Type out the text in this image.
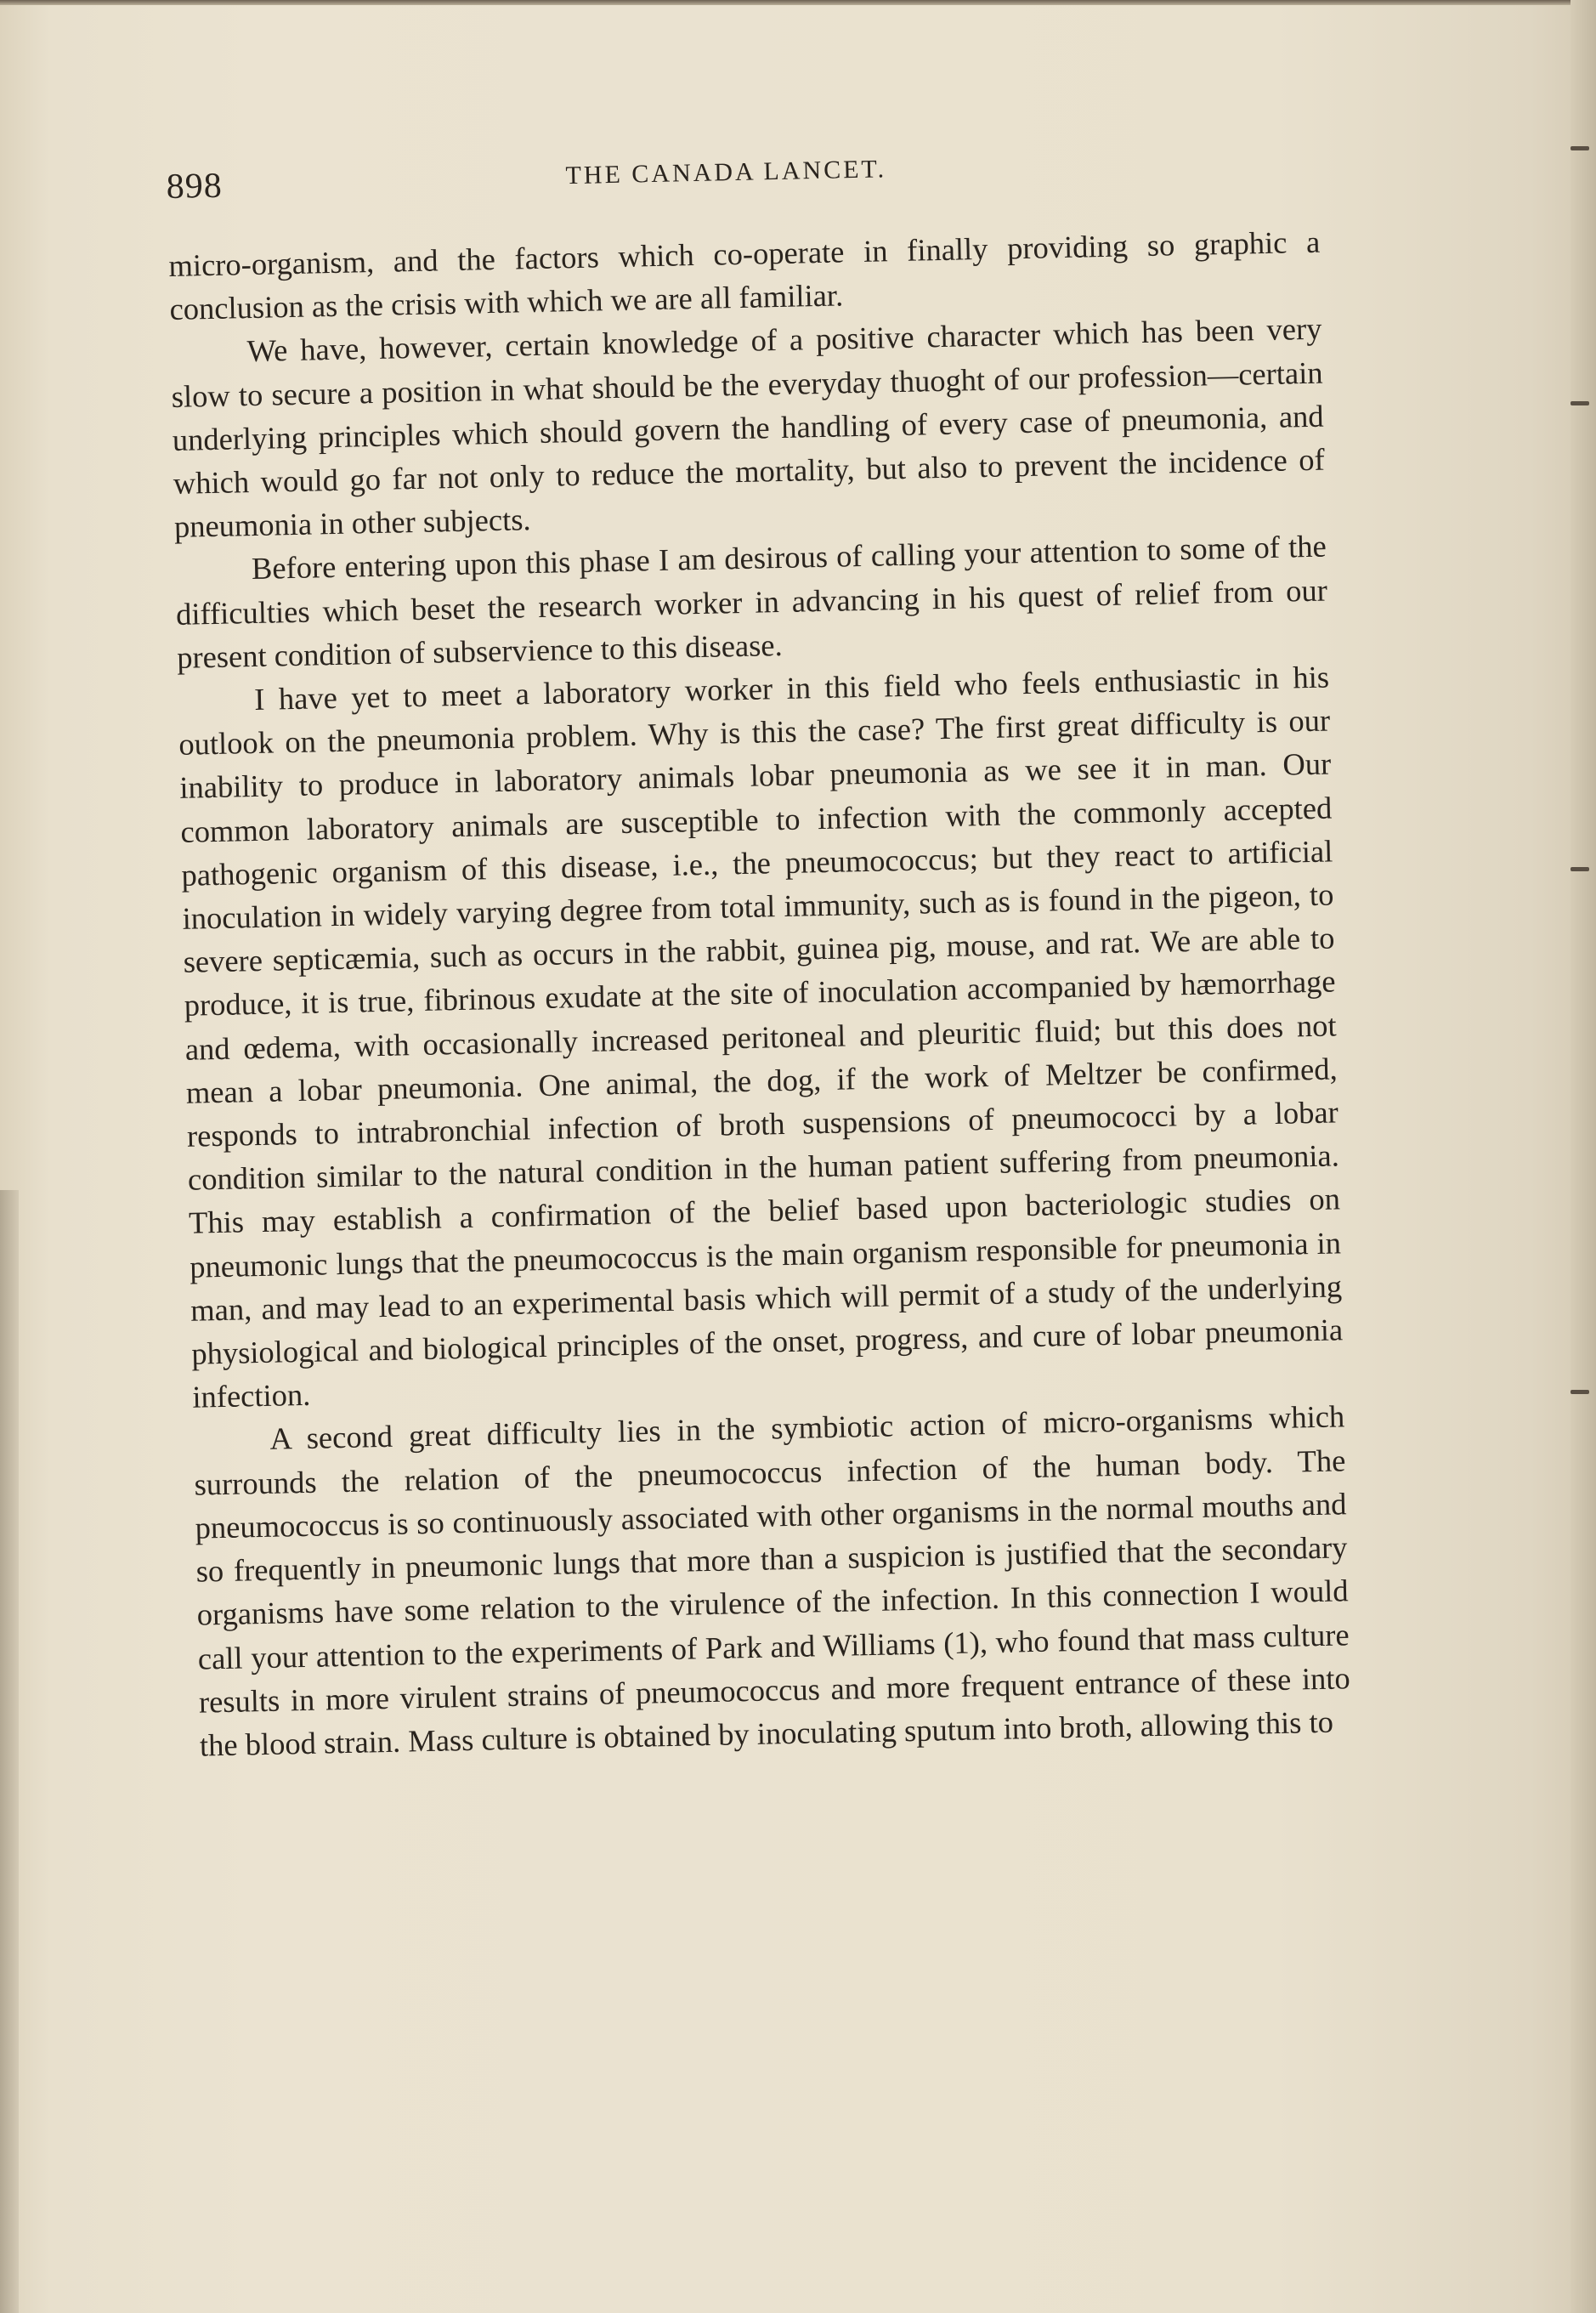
898	THE CANADA LANCET.

micro-organism, and the factors which co-operate in finally providing so graphic a conclusion as the crisis with which we are all familiar.

We have, however, certain knowledge of a positive character which has been very slow to secure a position in what should be the everyday thuoght of our profession—certain underlying principles which should govern the handling of every case of pneumonia, and which would go far not only to reduce the mortality, but also to prevent the incidence of pneumonia in other subjects.

Before entering upon this phase I am desirous of calling your attention to some of the difficulties which beset the research worker in advancing in his quest of relief from our present condition of subservience to this disease.

I have yet to meet a laboratory worker in this field who feels enthusiastic in his outlook on the pneumonia problem. Why is this the case? The first great difficulty is our inability to produce in laboratory animals lobar pneumonia as we see it in man. Our common laboratory animals are susceptible to infection with the commonly accepted pathogenic organism of this disease, i.e., the pneumococcus; but they react to artificial inoculation in widely varying degree from total immunity, such as is found in the pigeon, to severe septicæmia, such as occurs in the rabbit, guinea pig, mouse, and rat. We are able to produce, it is true, fibrinous exudate at the site of inoculation accompanied by hæmorrhage and œdema, with occasionally increased peritoneal and pleuritic fluid; but this does not mean a lobar pneumonia. One animal, the dog, if the work of Meltzer be confirmed, responds to intrabronchial infection of broth suspensions of pneumococci by a lobar condition similar to the natural condition in the human patient suffering from pneumonia. This may establish a confirmation of the belief based upon bacteriologic studies on pneumonic lungs that the pneumococcus is the main organism responsible for pneumonia in man, and may lead to an experimental basis which will permit of a study of the underlying physiological and biological principles of the onset, progress, and cure of lobar pneumonia infection.

A second great difficulty lies in the symbiotic action of micro-organisms which surrounds the relation of the pneumococcus infection of the human body. The pneumococcus is so continuously associated with other organisms in the normal mouths and so frequently in pneumonic lungs that more than a suspicion is justified that the secondary organisms have some relation to the virulence of the infection. In this connection I would call your attention to the experiments of Park and Williams (1), who found that mass culture results in more virulent strains of pneumococcus and more frequent entrance of these into the blood strain. Mass culture is obtained by inoculating sputum into broth, allowing this to
